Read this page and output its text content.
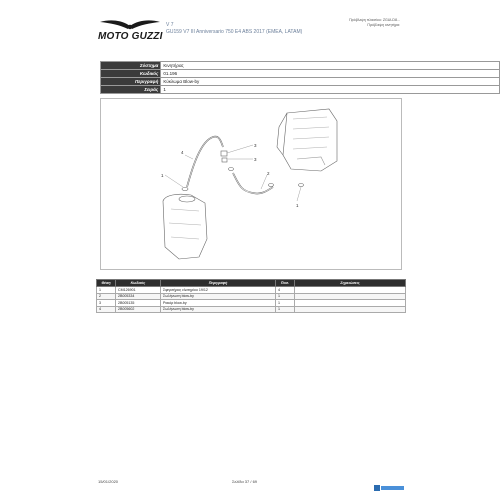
MOTO GUZZI
V 7
GU159 V7 III Anniversario 750 E4 ABS 2017 (EMEA, LATAM)
Πρόβλεψη πλαισίου: ZGULD8...
Πρόβλεψη κινητήρα:
Σύστημα	Κινητήρας
Κωδικός	01.196
Περιγραφή	Κύκλωμα Blow-by
Σειράς	1
4
3
3
1	2
1
Θέση	Κωδικός	Περιγραφή	Ποσ.	Σημειώσεις
1	CM126901	Σφιγκτήρας ελατηρίου 19/12	4	
2	2B005334	Σωλήνωση blow-by	1	
3	2B005135	Ρακόρ blow-by	1	
4	2B005602	Σωλήνωση blow-by	1	
15/01/2020	Σελίδα 37 / 69
